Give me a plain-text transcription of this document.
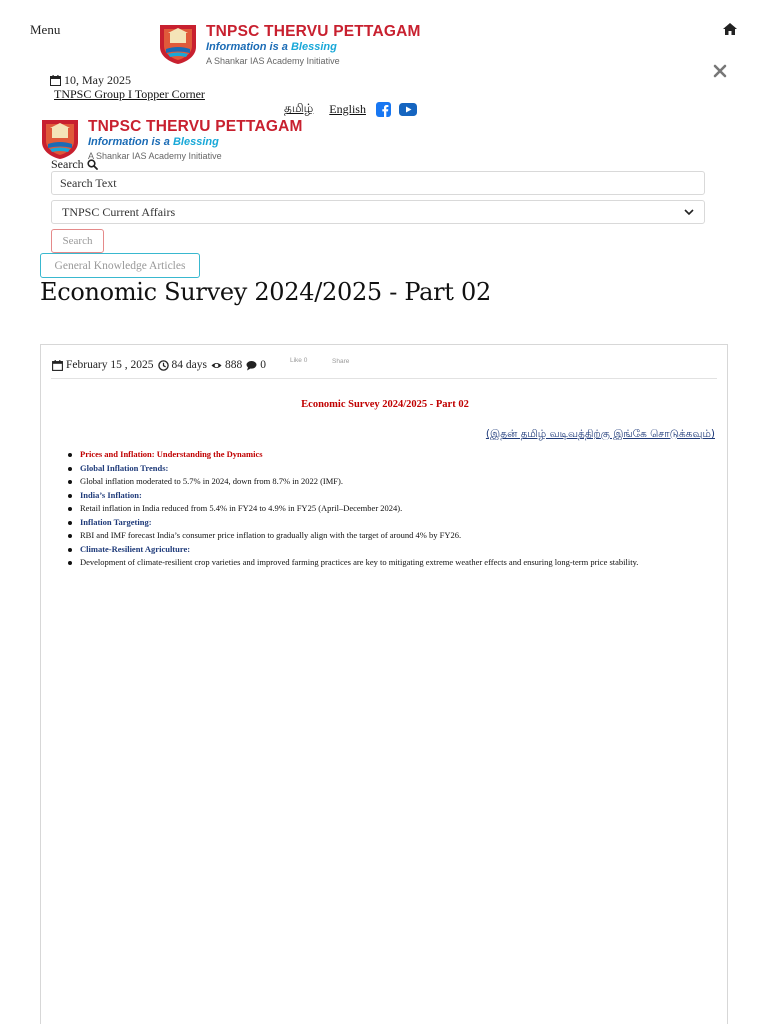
Menu	TNPSC THERVU PETTAGAM
Information is a Blessing
A Shankar IAS Academy Initiative
10, May 2025
TNPSC Group I Topper Corner
தமிழ் English
TNPSC THERVU PETTAGAM
Information is a Blessing
A Shankar IAS Academy Initiative
Search
Search Text
TNPSC Current Affairs
Search
General Knowledge Articles
Economic Survey 2024/2025 - Part 02
February 15 , 2025 84 days 888 0	Like 0	Share
Economic Survey 2024/2025 - Part 02
(இதன் தமிழ் வடிவத்திற்கு இங்கே சொடுக்கவும்)
Prices and Inflation: Understanding the Dynamics
Global Inflation Trends:
Global inflation moderated to 5.7% in 2024, down from 8.7% in 2022 (IMF).
India’s Inflation:
Retail inflation in India reduced from 5.4% in FY24 to 4.9% in FY25 (April–December 2024).
Inflation Targeting:
RBI and IMF forecast India’s consumer price inflation to gradually align with the target of around 4% by FY26.
Climate-Resilient Agriculture:
Development of climate-resilient crop varieties and improved farming practices are key to mitigating extreme weather effects and ensuring long-term price stability.
